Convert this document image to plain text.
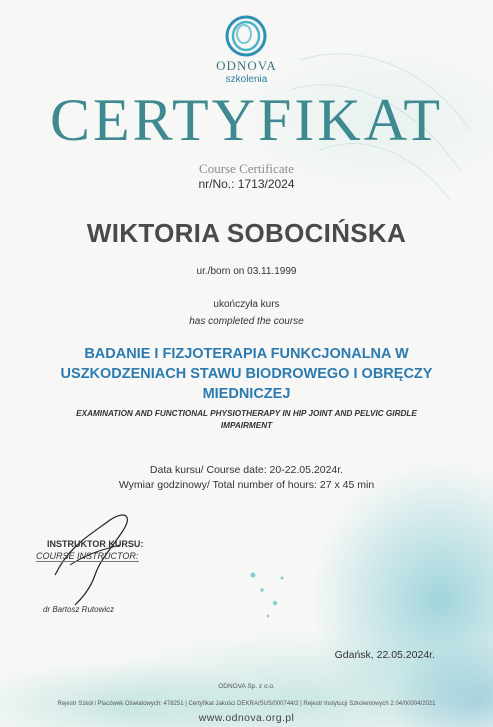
ODNOVA
szkolenia
CERTYFIKAT
Course Certificate
nr/No.: 1713/2024
WIKTORIA SOBOCIŃSKA
ur./born on 03.11.1999
ukończyła kurs
has completed the course
BADANIE I FIZJOTERAPIA FUNKCJONALNA W USZKODZENIACH STAWU BIODROWEGO I OBRĘCZY MIEDNICZEJ
EXAMINATION AND FUNCTIONAL PHYSIOTHERAPY IN HIP JOINT AND PELVIC GIRDLE IMPAIRMENT
Data kursu/ Course date: 20-22.05.2024r.
Wymiar godzinowy/ Total number of hours: 27 x 45 min
INSTRUKTOR KURSU:
COURSE INSTRUCTOR:
dr Bartosz Rutowicz
Gdańsk, 22.05.2024r.
ODNOVA Sp. z o.o.
Rejestr Szkół i Placówek Oświatowych: 478251 | Certyfikat Jakości DEKRA/SUS/000744/2 | Rejestr Instytucji Szkoleniowych 2.04/00004/2021
www.odnova.org.pl
